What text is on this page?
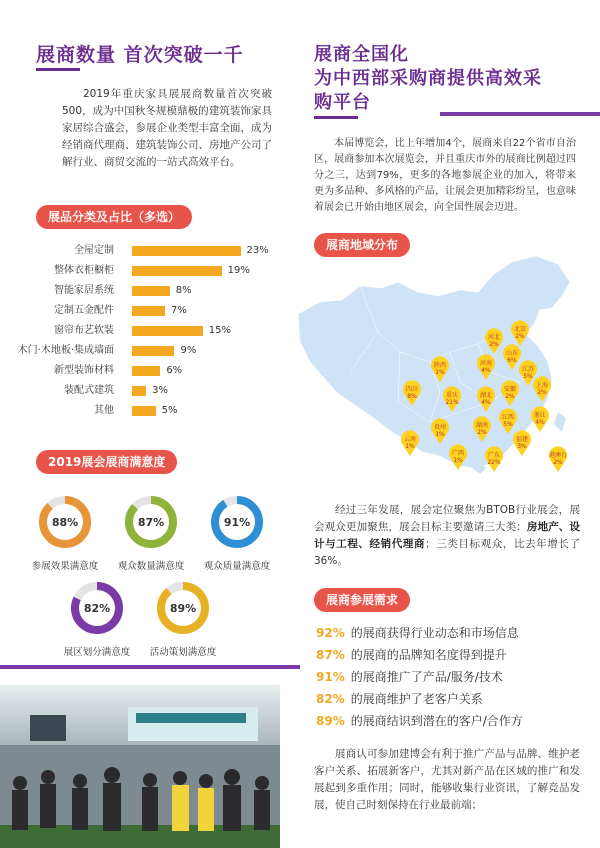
展商数量 首次突破一千
2019年重庆家具展展商数量首次突破500，成为中国秋冬规模鼎极的建筑装饰家具家居综合盛会，参展企业类型丰富全面，成为经销商代理商、建筑装饰公司、房地产公司了解行业、商贸交流的一站式高效平台。
展品分类及占比（多选）
全屋定制	23%
整体衣柜橱柜	19%
智能家居系统	8%
定制五金配件	7%
窗帘布艺软装	15%
木门·木地板·集成墙面	9%
新型装饰材料	6%
装配式建筑	3%
其他	5%
2019展会展商满意度
88%
参展效果满意度
87%
观众数量满意度
91%
观众质量满意度
82%
展区划分满意度
89%
活动策划满意度
展商全国化
为中西部采购商提供高效采
购平台
本届博览会，比上年增加4个，展商来自22个省市自治区，展商参加本次展览会，并且重庆市外的展商比例超过四分之三，达到79%，更多的各地参展企业的加入，将带来更为多品种、多风格的产品，让展会更加精彩纷呈，也意味着展会已开始由地区展会，向全国性展会迈进。
展商地域分布
北京
2%
河北
2%
山东
6%
河南
4%
陕西
1%	江苏
5%
上海
2%
安徽
2%
四川
8%	湖北
4%
重庆
21%
浙江
4%
江西
5%
贵州
1%
湖南
2%
福建
3%
云南
1%
广西
1%
广东
22%
港澳台
2%
经过三年发展，展会定位聚焦为BTOB行业展会，展会观众更加聚焦，展会目标主要邀请三大类：房地产、设计与工程、经销代理商；三类目标观众，比去年增长了36%。
展商参展需求
92% 的展商获得行业动态和市场信息
87% 的展商的品牌知名度得到提升
91% 的展商推广了产品/服务/技术
82% 的展商维护了老客户关系
89% 的展商结识到潜在的客户/合作方
展商认可参加建博会有利于推广产品与品牌、维护老客户关系、拓展新客户，尤其对新产品在区域的推广和发展起到多重作用；同时，能够收集行业资讯，了解竞品发展，使自己时刻保持在行业最前端；
